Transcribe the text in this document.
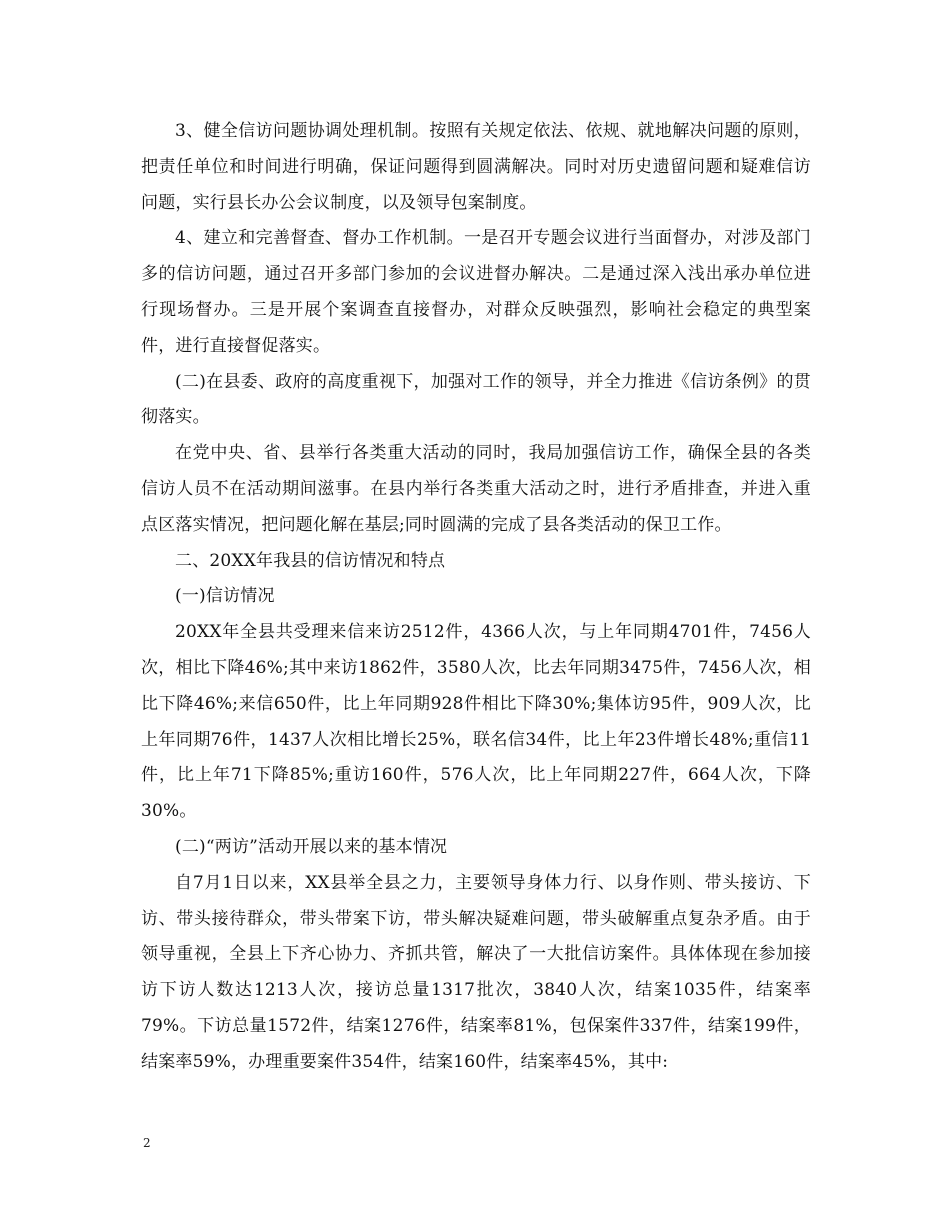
3、健全信访问题协调处理机制。按照有关规定依法、依规、就地解决问题的原则，把责任单位和时间进行明确，保证问题得到圆满解决。同时对历史遗留问题和疑难信访问题，实行县长办公会议制度，以及领导包案制度。

4、建立和完善督查、督办工作机制。一是召开专题会议进行当面督办，对涉及部门多的信访问题，通过召开多部门参加的会议进督办解决。二是通过深入浅出承办单位进行现场督办。三是开展个案调查直接督办，对群众反映强烈，影响社会稳定的典型案件，进行直接督促落实。

(二)在县委、政府的高度重视下，加强对工作的领导，并全力推进《信访条例》的贯彻落实。

在党中央、省、县举行各类重大活动的同时，我局加强信访工作，确保全县的各类信访人员不在活动期间滋事。在县内举行各类重大活动之时，进行矛盾排查，并进入重点区落实情况，把问题化解在基层;同时圆满的完成了县各类活动的保卫工作。

二、20XX年我县的信访情况和特点

(一)信访情况

20XX年全县共受理来信来访2512件，4366人次，与上年同期4701件，7456人次，相比下降46%;其中来访1862件，3580人次，比去年同期3475件，7456人次，相比下降46%;来信650件，比上年同期928件相比下降30%;集体访95件，909人次，比上年同期76件，1437人次相比增长25%，联名信34件，比上年23件增长48%;重信11件，比上年71下降85%;重访160件，576人次，比上年同期227件，664人次，下降30%。

(二)“两访”活动开展以来的基本情况

自7月1日以来，XX县举全县之力，主要领导身体力行、以身作则、带头接访、下访、带头接待群众，带头带案下访，带头解决疑难问题，带头破解重点复杂矛盾。由于领导重视，全县上下齐心协力、齐抓共管，解决了一大批信访案件。具体体现在参加接访下访人数达1213人次，接访总量1317批次，3840人次，结案1035件，结案率79%。下访总量1572件，结案1276件，结案率81%，包保案件337件，结案199件，结案率59%，办理重要案件354件，结案160件，结案率45%，其中:

2
